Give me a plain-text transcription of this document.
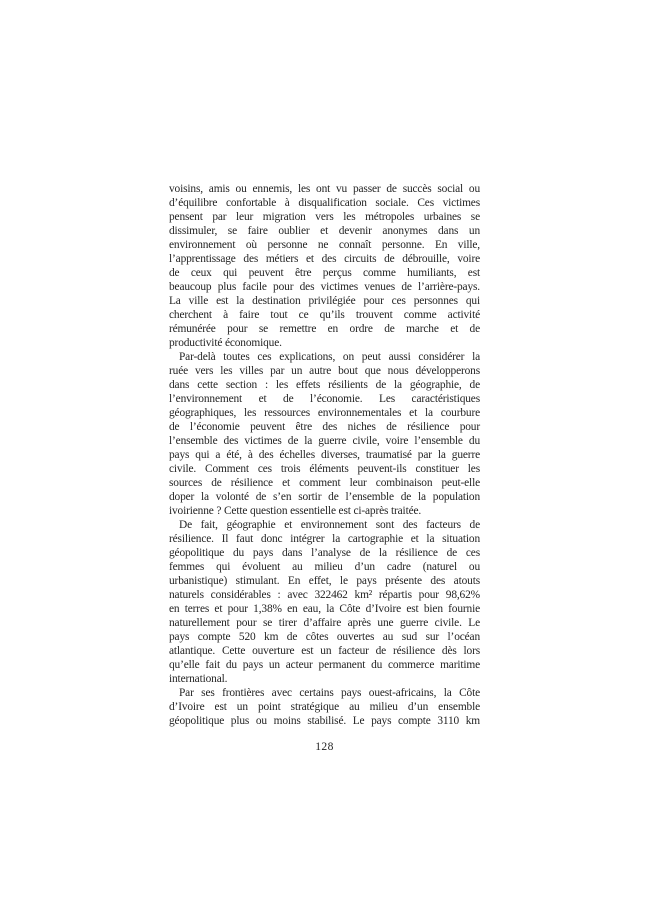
voisins, amis ou ennemis, les ont vu passer de succès social ou
d’équilibre confortable à disqualification sociale. Ces victimes
pensent par leur migration vers les métropoles urbaines se
dissimuler, se faire oublier et devenir anonymes dans un
environnement où personne ne connaît personne. En ville,
l’apprentissage des métiers et des circuits de débrouille, voire
de ceux qui peuvent être perçus comme humiliants, est
beaucoup plus facile pour des victimes venues de l’arrière-pays.
La ville est la destination privilégiée pour ces personnes qui
cherchent à faire tout ce qu’ils trouvent comme activité
rémunérée pour se remettre en ordre de marche et de
productivité économique.
Par-delà toutes ces explications, on peut aussi considérer la
ruée vers les villes par un autre bout que nous développerons
dans cette section : les effets résilients de la géographie, de
l’environnement et de l’économie. Les caractéristiques
géographiques, les ressources environnementales et la courbure
de l’économie peuvent être des niches de résilience pour
l’ensemble des victimes de la guerre civile, voire l’ensemble du
pays qui a été, à des échelles diverses, traumatisé par la guerre
civile. Comment ces trois éléments peuvent-ils constituer les
sources de résilience et comment leur combinaison peut-elle
doper la volonté de s’en sortir de l’ensemble de la population
ivoirienne ? Cette question essentielle est ci-après traitée.
De fait, géographie et environnement sont des facteurs de
résilience. Il faut donc intégrer la cartographie et la situation
géopolitique du pays dans l’analyse de la résilience de ces
femmes qui évoluent au milieu d’un cadre (naturel ou
urbanistique) stimulant. En effet, le pays présente des atouts
naturels considérables : avec 322462 km² répartis pour 98,62%
en terres et pour 1,38% en eau, la Côte d’Ivoire est bien fournie
naturellement pour se tirer d’affaire après une guerre civile. Le
pays compte 520 km de côtes ouvertes au sud sur l’océan
atlantique. Cette ouverture est un facteur de résilience dès lors
qu’elle fait du pays un acteur permanent du commerce maritime
international.
Par ses frontières avec certains pays ouest-africains, la Côte
d’Ivoire est un point stratégique au milieu d’un ensemble
géopolitique plus ou moins stabilisé. Le pays compte 3110 km
128
